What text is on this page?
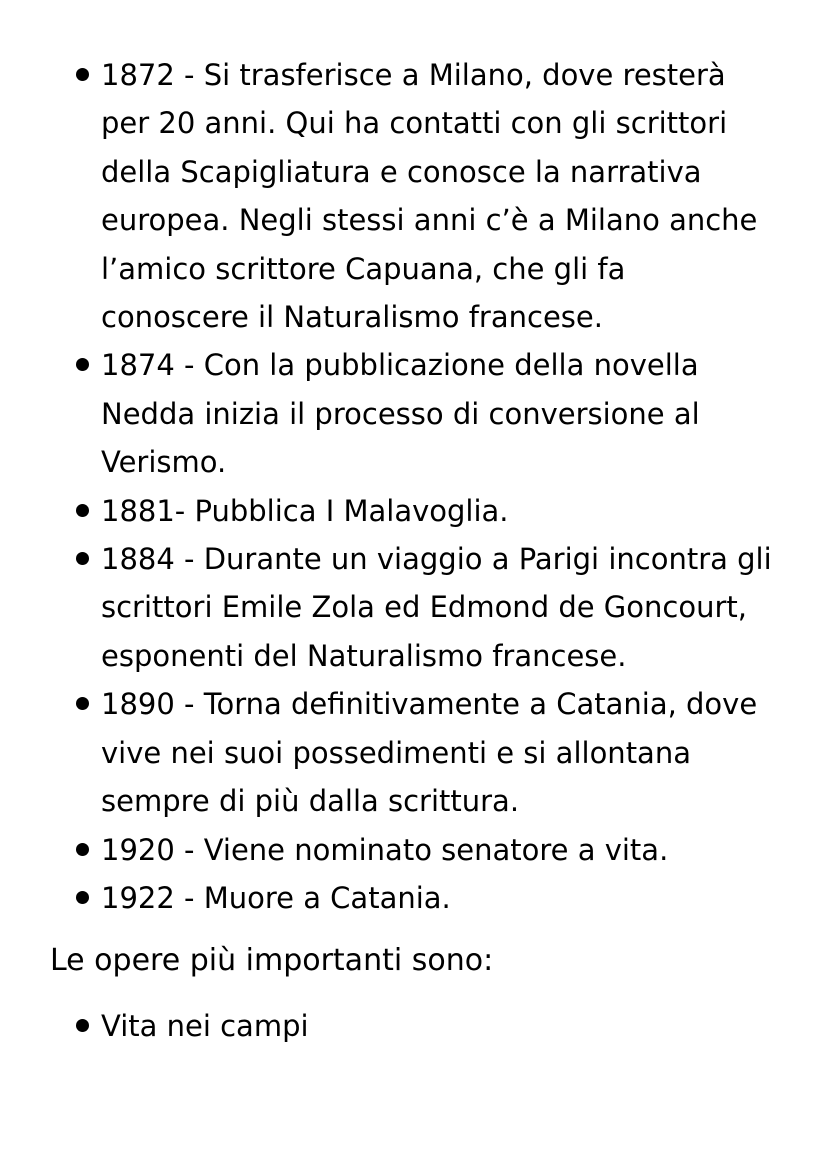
1872 - Si trasferisce a Milano, dove resterà per 20 anni. Qui ha contatti con gli scrittori della Scapigliatura e conosce la narrativa europea. Negli stessi anni c’è a Milano anche l’amico scrittore Capuana, che gli fa conoscere il Naturalismo francese.
1874 - Con la pubblicazione della novella Nedda inizia il processo di conversione al Verismo.
1881- Pubblica I Malavoglia.
1884 - Durante un viaggio a Parigi incontra gli scrittori Emile Zola ed Edmond de Goncourt, esponenti del Naturalismo francese.
1890 - Torna definitivamente a Catania, dove vive nei suoi possedimenti e si allontana sempre di più dalla scrittura.
1920 - Viene nominato senatore a vita.
1922 - Muore a Catania.

Le opere più importanti sono:

Vita nei campi
